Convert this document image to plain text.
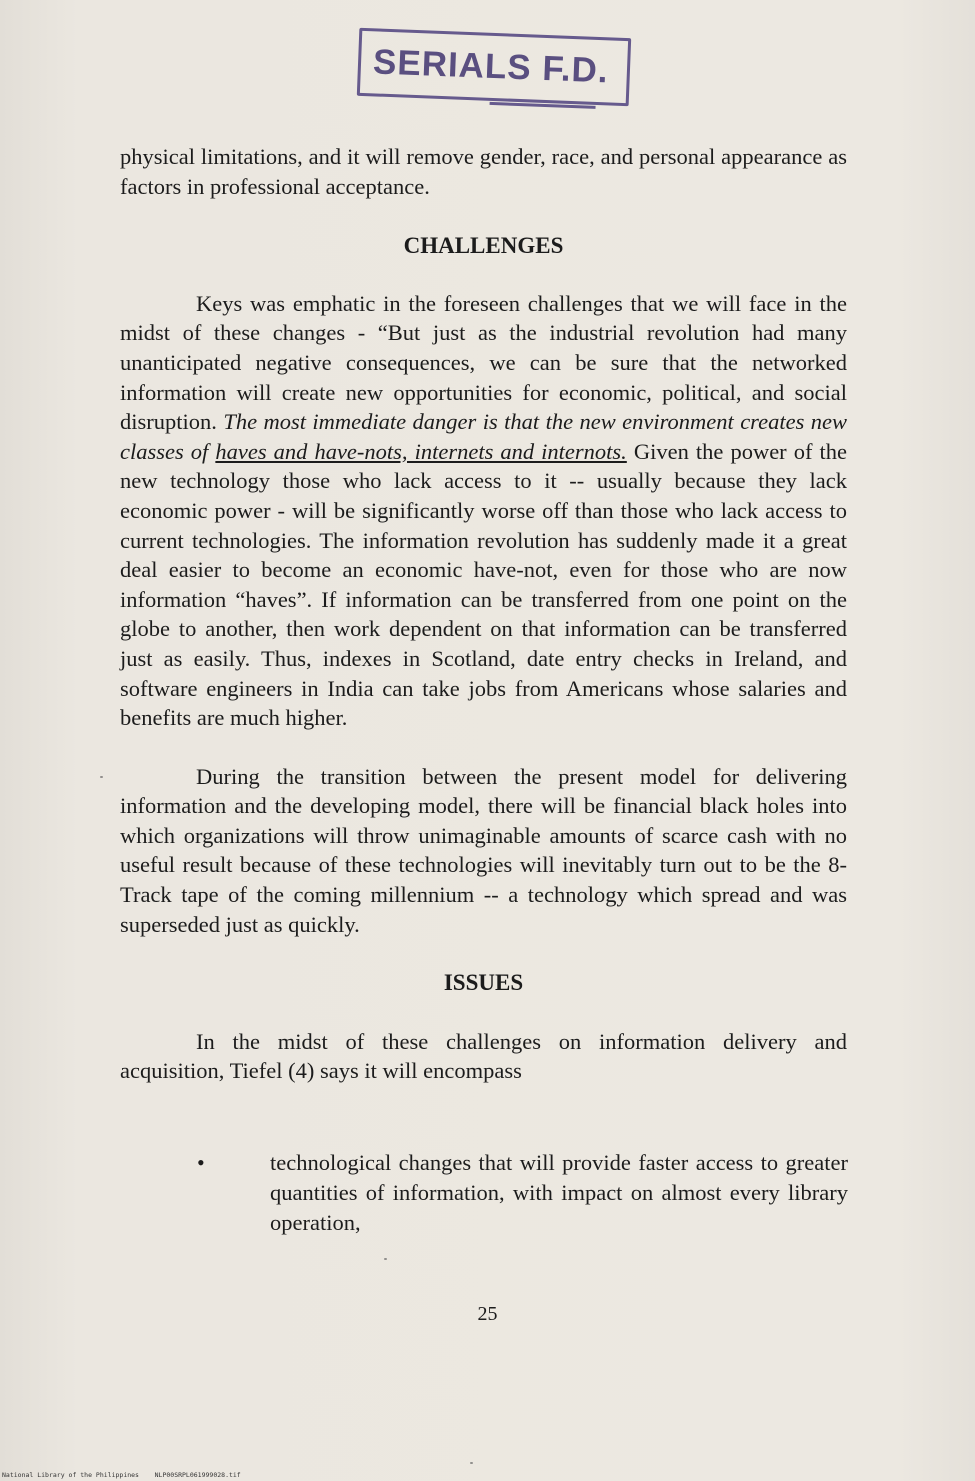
SERIALS F.D.

physical limitations, and it will remove gender, race, and personal appearance as factors in professional acceptance.

CHALLENGES

Keys was emphatic in the foreseen challenges that we will face in the midst of these changes - “But just as the industrial revolution had many unanticipated negative consequences, we can be sure that the networked information will create new opportunities for economic, political, and social disruption. The most immediate danger is that the new environment creates new classes of haves and have-nots, internets and internots. Given the power of the new technology those who lack access to it -- usually because they lack economic power - will be significantly worse off than those who lack access to current technologies. The information revolution has suddenly made it a great deal easier to become an economic have-not, even for those who are now information “haves”. If information can be transferred from one point on the globe to another, then work dependent on that information can be transferred just as easily. Thus, indexes in Scotland, date entry checks in Ireland, and software engineers in India can take jobs from Americans whose salaries and benefits are much higher.

During the transition between the present model for delivering information and the developing model, there will be financial black holes into which organizations will throw unimaginable amounts of scarce cash with no useful result because of these technologies will inevitably turn out to be the 8-Track tape of the coming millennium -- a technology which spread and was superseded just as quickly.

ISSUES

In the midst of these challenges on information delivery and acquisition, Tiefel (4) says it will encompass

•	technological changes that will provide faster access to greater quantities of information, with impact on almost every library operation,
25
National Library of the Philippines NLP00SRPL061999028.tif
